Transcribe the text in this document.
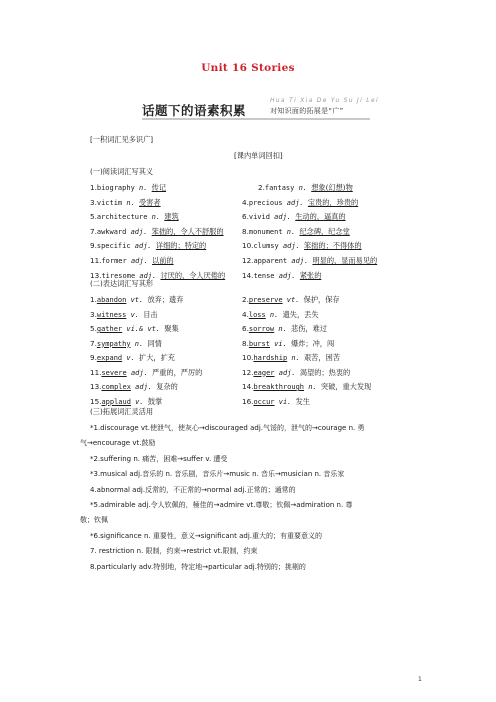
Unit 16 Stories
话题下的语素积累
Hua Ti Xia De Yu Su Ji Lei
对知识面的拓展是“广”
[一积词汇见多识广]
[课内单词回扣]
(一)阅读词汇写其义
1.biography n. 传记	2.fantasy n. 想象(幻想)物
3.victim n. 受害者	4.precious adj. 宝贵的，珍贵的
5.architecture n. 建筑	6.vivid adj. 生动的，逼真的
7.awkward adj. 笨拙的，令人不舒服的	8.monument n. 纪念碑，纪念堂
9.specific adj. 详细的；特定的	10.clumsy adj. 笨拙的；不得体的
11.former adj. 以前的	12.apparent adj. 明显的，显而易见的
13.tiresome adj. 讨厌的，令人厌倦的 14.tense adj. 紧张的
(二)表达词汇写其形
1.abandon vt. 放弃；遗弃	2.preserve vt. 保护，保存
3.witness v. 目击	4.loss n. 遗失，丢失
5.gather vi.& vt. 聚集	6.sorrow n. 悲伤，难过
7.sympathy n. 同情	8.burst vi. 爆炸；冲，闯
9.expand v. 扩大，扩充	10.hardship n. 艰苦，困苦
11.severe adj. 严重的，严厉的	12.eager adj. 渴望的；热衷的
13.complex adj. 复杂的	14.breakthrough n. 突破，重大发现
15.applaud v. 鼓掌	16.occur vi. 发生
(三)拓展词汇灵活用
*1.discourage vt.使泄气，使灰心→discouraged adj.气馁的，泄气的→courage n. 勇
气→encourage vt.鼓励
*2.suffering n. 痛苦，困难→suffer v. 遭受
*3.musical adj.音乐的 n. 音乐剧，音乐片→music n. 音乐→musician n. 音乐家
4.abnormal adj.反常的，不正常的→normal adj.正常的；通常的
*5.admirable adj.令人钦佩的，極佳的→admire vt.尊敬；钦佩→admiration n. 尊
敬；钦佩
*6.significance n. 重要性，意义→significant adj.重大的；有重要意义的
7. restriction n. 限制，约束→restrict vt.限制，约束
8.particularly adv.特别地，特定地→particular adj.特别的；挑剔的
1
